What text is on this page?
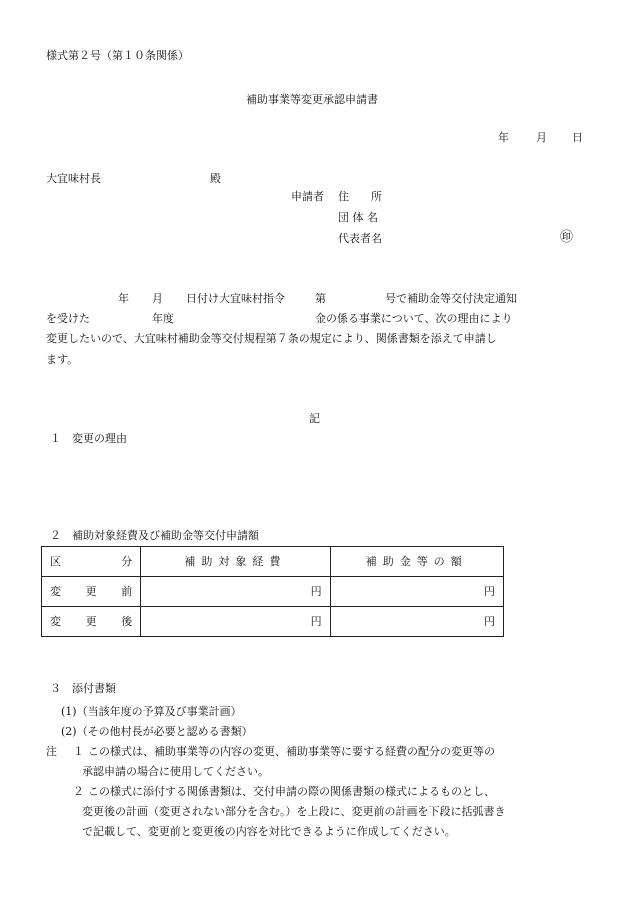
様式第２号（第１０条関係）
補助事業等変更承認申請書
年 月 日
大宜味村長	殿
申請者 住　　所
団 体 名
代表者名	㊞
年 月 日付け大宜味村指令	第	号で補助金等交付決定通知
を受けた	年度	金の係る事業について、次の理由により
変更したいので、大宜味村補助金等交付規程第７条の規定により、関係書類を添えて申請し
ます。
記
１　変更の理由
２　補助対象経費及び補助金等交付申請額
区 分	補助対象経費	補助金等の額

変 更 前	円	円

変 更 後	円	円
３　添付書類
(1)（当該年度の予算及び事業計画）
(2)（その他村長が必要と認める書類）
注 １ この様式は、補助事業等の内容の変更、補助事業等に要する経費の配分の変更等の
承認申請の場合に使用してください。
２ この様式に添付する関係書類は、交付申請の際の関係書類の様式によるものとし、
変更後の計画（変更されない部分を含む。）を上段に、変更前の計画を下段に括弧書き
で記載して、変更前と変更後の内容を対比できるように作成してください。
